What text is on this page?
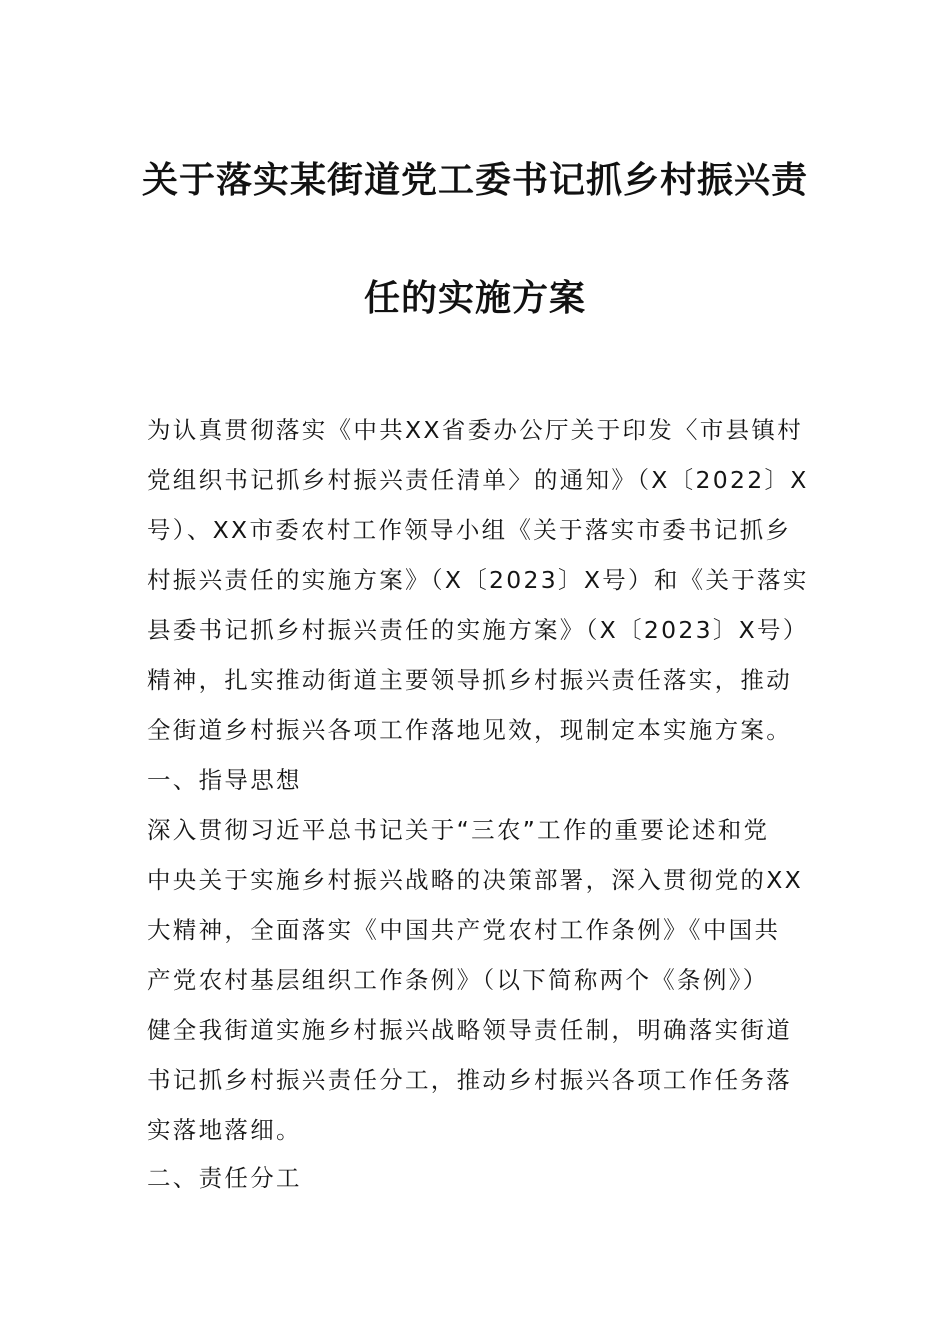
关于落实某街道党工委书记抓乡村振兴责
任的实施方案
为认真贯彻落实《中共XX省委办公厅关于印发〈市县镇村
党组织书记抓乡村振兴责任清单〉的通知》（X〔2022〕X
号）、XX市委农村工作领导小组《关于落实市委书记抓乡
村振兴责任的实施方案》（X〔2023〕X号）和《关于落实
县委书记抓乡村振兴责任的实施方案》（X〔2023〕X号）
精神，扎实推动街道主要领导抓乡村振兴责任落实，推动
全街道乡村振兴各项工作落地见效，现制定本实施方案。
一、指导思想
深入贯彻习近平总书记关于“三农”工作的重要论述和党
中央关于实施乡村振兴战略的决策部署，深入贯彻党的XX
大精神，全面落实《中国共产党农村工作条例》《中国共
产党农村基层组织工作条例》（以下简称两个《条例》）
健全我街道实施乡村振兴战略领导责任制，明确落实街道
书记抓乡村振兴责任分工，推动乡村振兴各项工作任务落
实落地落细。
二、责任分工
